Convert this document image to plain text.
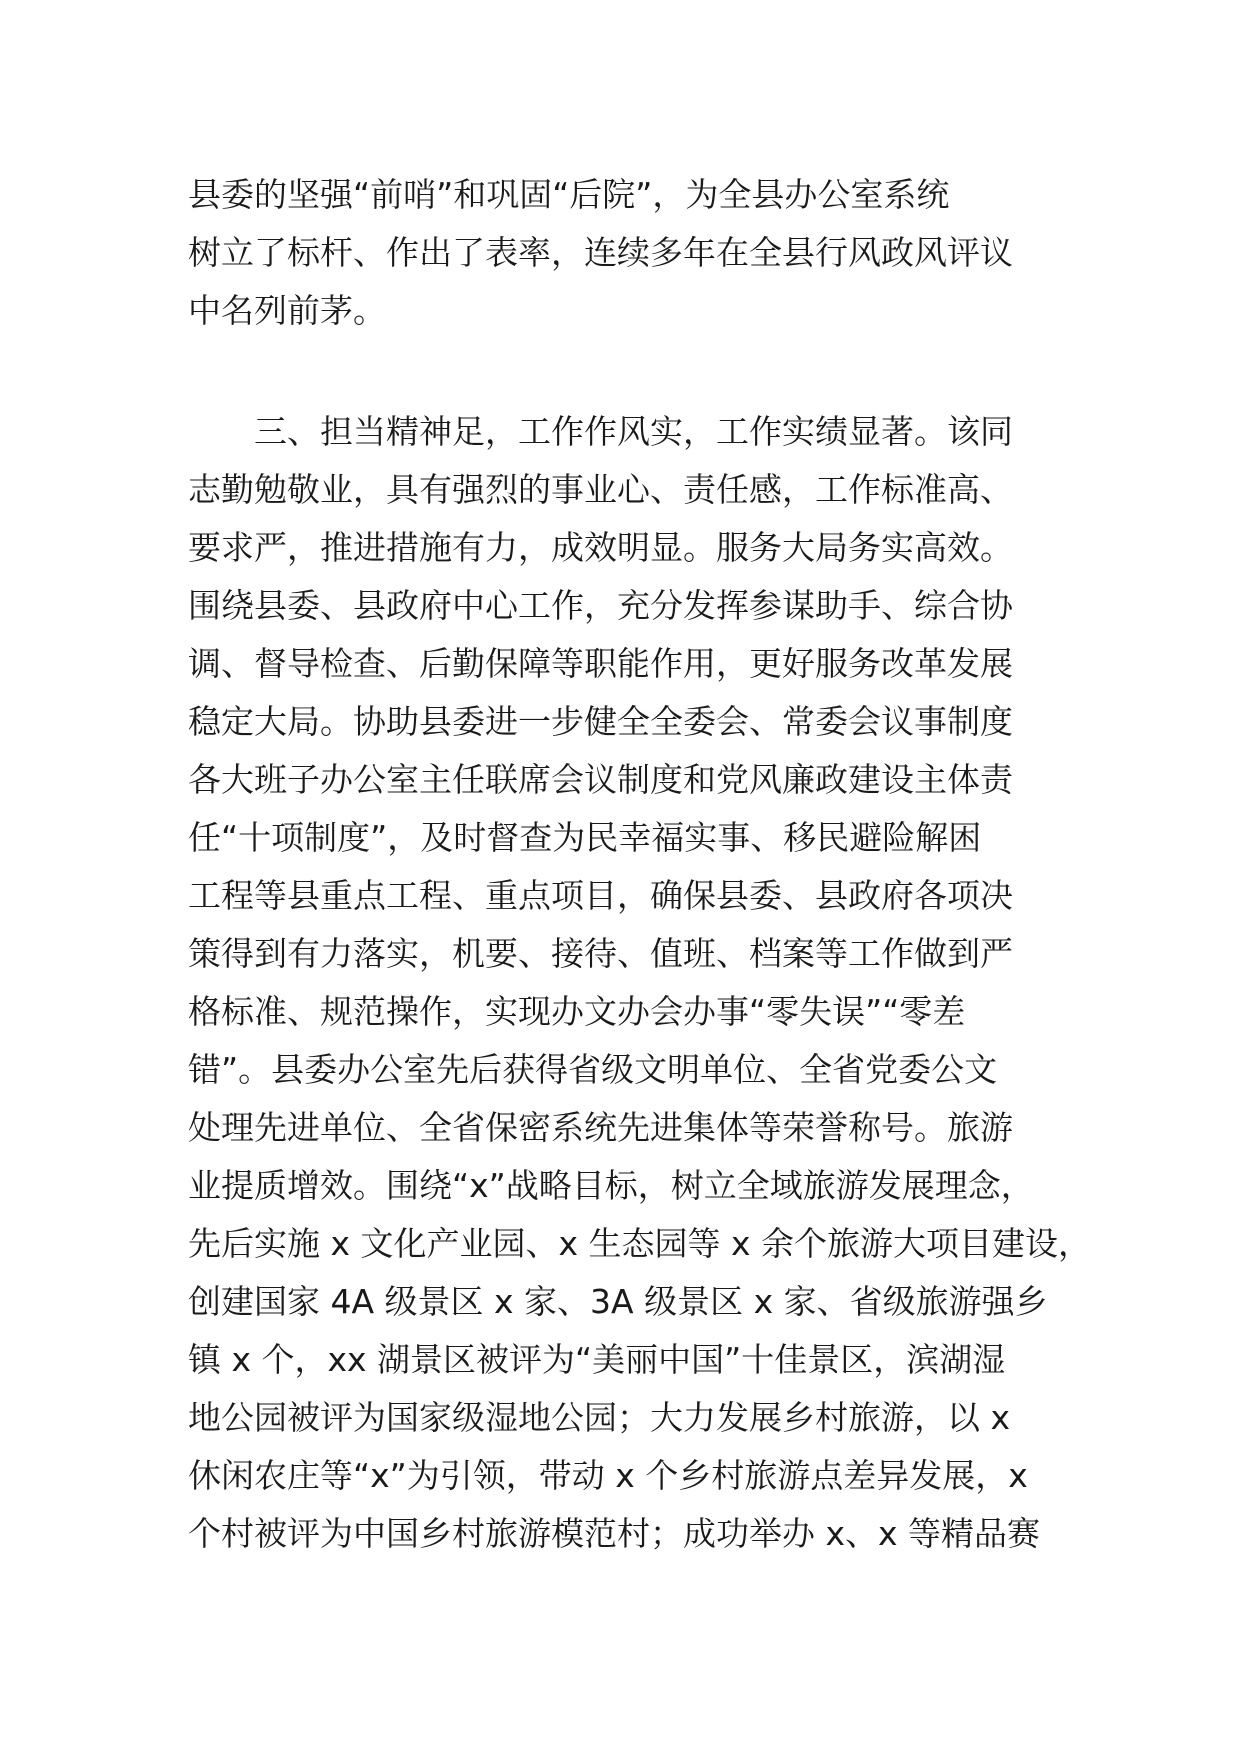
县委的坚强“前哨”和巩固“后院”，为全县办公室系统
树立了标杆、作出了表率，连续多年在全县行风政风评议
中名列前茅。
三、担当精神足，工作作风实，工作实绩显著。该同
志勤勉敬业，具有强烈的事业心、责任感，工作标准高、
要求严，推进措施有力，成效明显。服务大局务实高效。
围绕县委、县政府中心工作，充分发挥参谋助手、综合协
调、督导检查、后勤保障等职能作用，更好服务改革发展
稳定大局。协助县委进一步健全全委会、常委会议事制度
各大班子办公室主任联席会议制度和党风廉政建设主体责
任“十项制度”，及时督查为民幸福实事、移民避险解困
工程等县重点工程、重点项目，确保县委、县政府各项决
策得到有力落实，机要、接待、值班、档案等工作做到严
格标准、规范操作，实现办文办会办事“零失误”“零差
错”。县委办公室先后获得省级文明单位、全省党委公文
处理先进单位、全省保密系统先进集体等荣誉称号。旅游
业提质增效。围绕“x”战略目标，树立全域旅游发展理念，
先后实施 x 文化产业园、x 生态园等 x 余个旅游大项目建设，
创建国家 4A 级景区 x 家、3A 级景区 x 家、省级旅游强乡
镇 x 个，xx 湖景区被评为“美丽中国”十佳景区，滨湖湿
地公园被评为国家级湿地公园；大力发展乡村旅游，以 x
休闲农庄等“x”为引领，带动 x 个乡村旅游点差异发展，x
个村被评为中国乡村旅游模范村；成功举办 x、x 等精品赛
